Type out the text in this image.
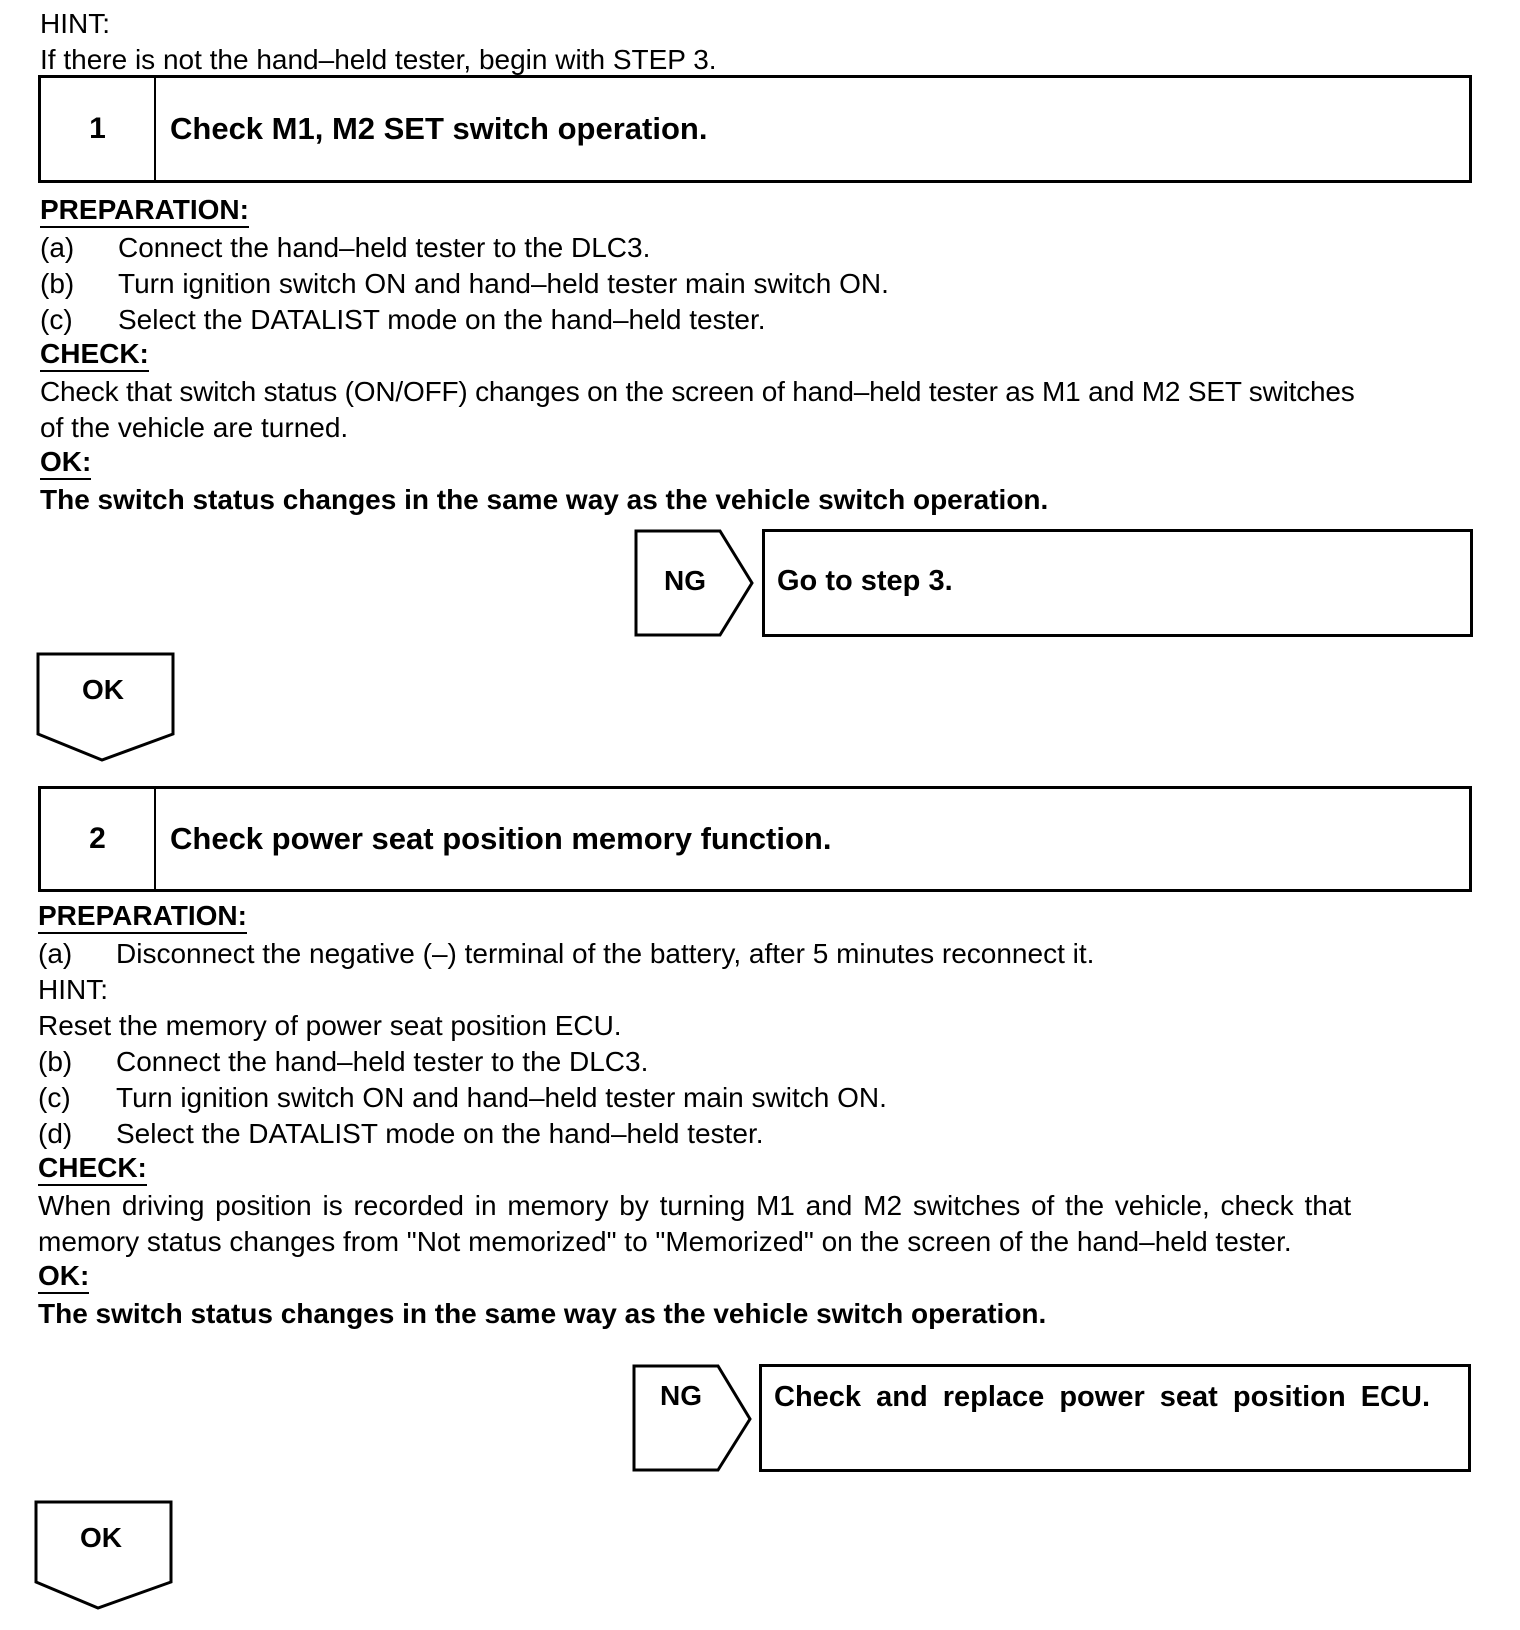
HINT:
If there is not the hand–held tester, begin with STEP 3.
1	Check M1, M2 SET switch operation.
PREPARATION:
(a) Connect the hand–held tester to the DLC3.
(b) Turn ignition switch ON and hand–held tester main switch ON.
(c) Select the DATALIST mode on the hand–held tester.
CHECK:
Check that switch status (ON/OFF) changes on the screen of hand–held tester as M1 and M2 SET switches
of the vehicle are turned.
OK:
The switch status changes in the same way as the vehicle switch operation.
NG	Go to step 3.
OK
2	Check power seat position memory function.
PREPARATION:
(a) Disconnect the negative (–) terminal of the battery, after 5 minutes reconnect it.
HINT:
Reset the memory of power seat position ECU.
(b) Connect the hand–held tester to the DLC3.
(c) Turn ignition switch ON and hand–held tester main switch ON.
(d) Select the DATALIST mode on the hand–held tester.
CHECK:
When driving position is recorded in memory by turning M1 and M2 switches of the vehicle, check that
memory status changes from "Not memorized" to "Memorized" on the screen of the hand–held tester.
OK:
The switch status changes in the same way as the vehicle switch operation.
NG	Check and replace power seat position ECU.
OK
